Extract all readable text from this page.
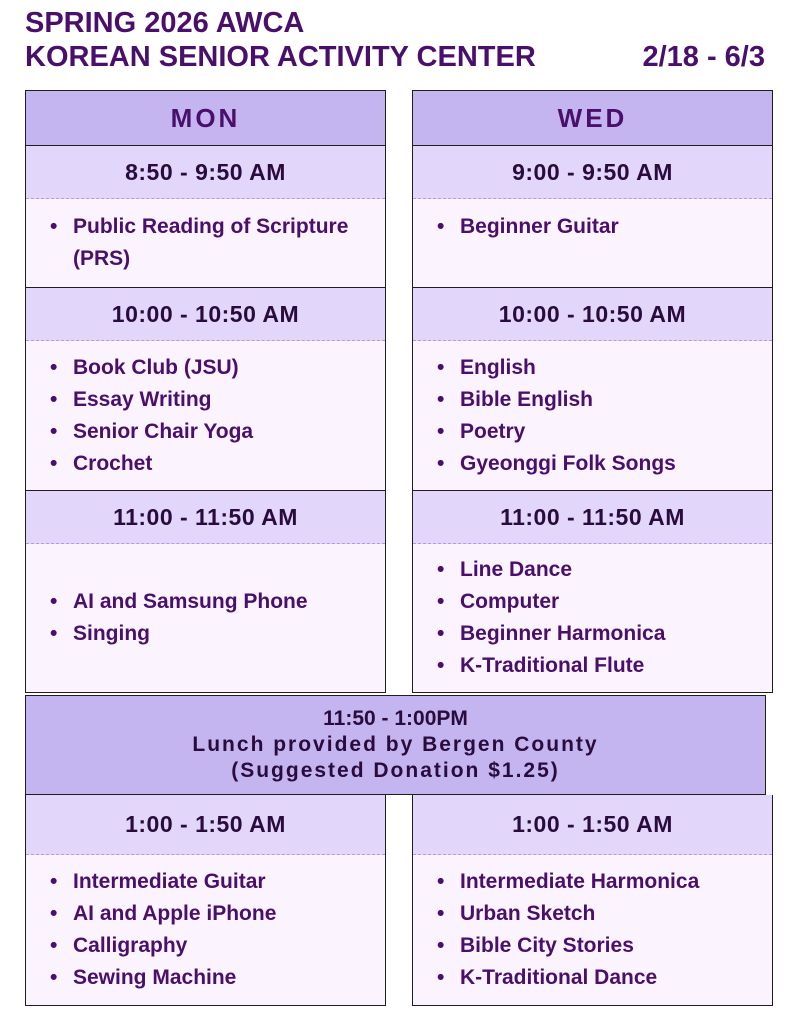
SPRING 2026 AWCA
KOREAN SENIOR ACTIVITY CENTER	2/18 - 6/3
MON
8:50 - 9:50 AM
• Public Reading of Scripture (PRS)
10:00 - 10:50 AM
• Book Club (JSU)
• Essay Writing
• Senior Chair Yoga
• Crochet
11:00 - 11:50 AM
• AI and Samsung Phone
• Singing
WED
9:00 - 9:50 AM
• Beginner Guitar
10:00 - 10:50 AM
• English
• Bible English
• Poetry
• Gyeonggi Folk Songs
11:00 - 11:50 AM
• Line Dance
• Computer
• Beginner Harmonica
• K-Traditional Flute
11:50 - 1:00PM
Lunch provided by Bergen County
(Suggested Donation $1.25)
1:00 - 1:50 AM
• Intermediate Guitar
• AI and Apple iPhone
• Calligraphy
• Sewing Machine
1:00 - 1:50 AM
• Intermediate Harmonica
• Urban Sketch
• Bible City Stories
• K-Traditional Dance
